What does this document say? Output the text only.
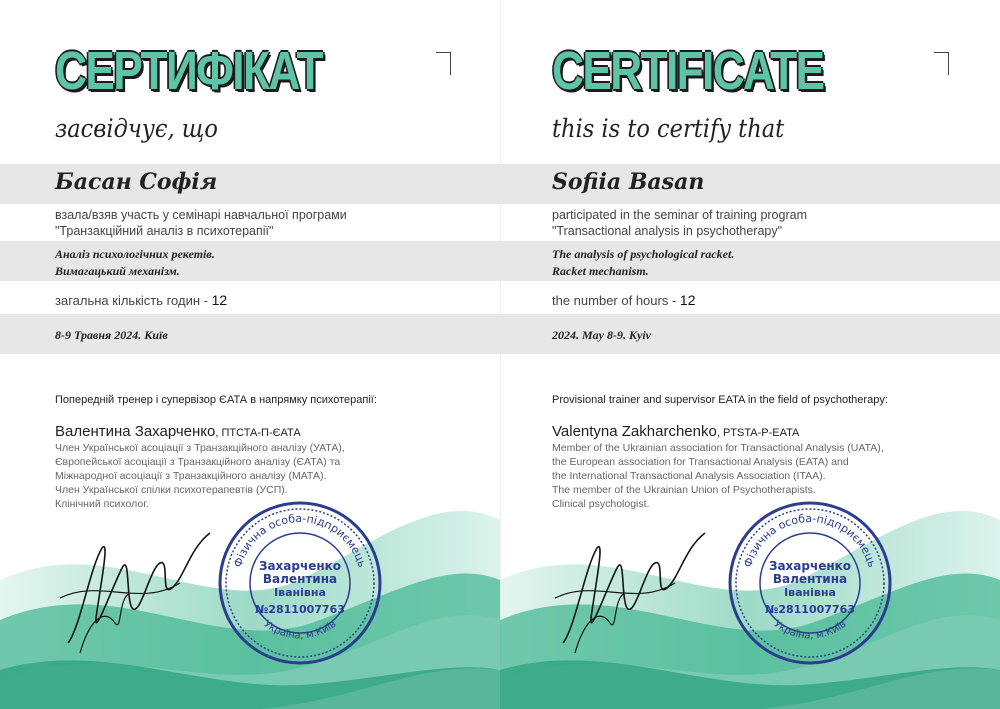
СЕРТИФІКАТ
засвідчує, що
Басан Софія
взала/взяв участь у семінарі навчальної програми
"Транзакційний аналіз в психотерапії"
Аналіз психологічних рекетів.
Вимагацький механізм.
загальна кількість годин - 12
8-9 Травня 2024. Київ
Попередній тренер і супервізор ЄАТА в напрямку психотерапії:
Валентина Захарченко, ПТСТА-П-ЄАТА
Член Української асоціації з Транзакційного аналізу (УАТА),
Європейської асоціації з Транзакційного аналізу (ЄАТА) та
Міжнародної асоціації з Транзакційного аналізу (МАТА).
Член Української спілки психотерапевтів (УСП).
Клінічний психолог.
Фізична особа-підприємець
Україна, м.Київ
Захарченко
Валентина
Іванівна
№2811007763
CERTIFICATE
this is to certify that
Sofiia Basan
participated in the seminar of training program
"Transactional analysis in psychotherapy"
The analysis of psychological racket.
Racket mechanism.
the number of hours - 12
2024. May 8-9. Kyiv
Provisional trainer and supervisor EATA in the field of psychotherapy:
Valentyna Zakharchenko, PTSTA-P-EATA
Member of the Ukrainian association for Transactional Analysis (UATA),
the European association for Transactional Analysis (EATA) and
the International Transactional Analysis Association (ITAA).
The member of the Ukrainian Union of Psychotherapists.
Clinical psychologist.
Фізична особа-підприємець
Україна, м.Київ
Захарченко
Валентина
Іванівна
№2811007763
